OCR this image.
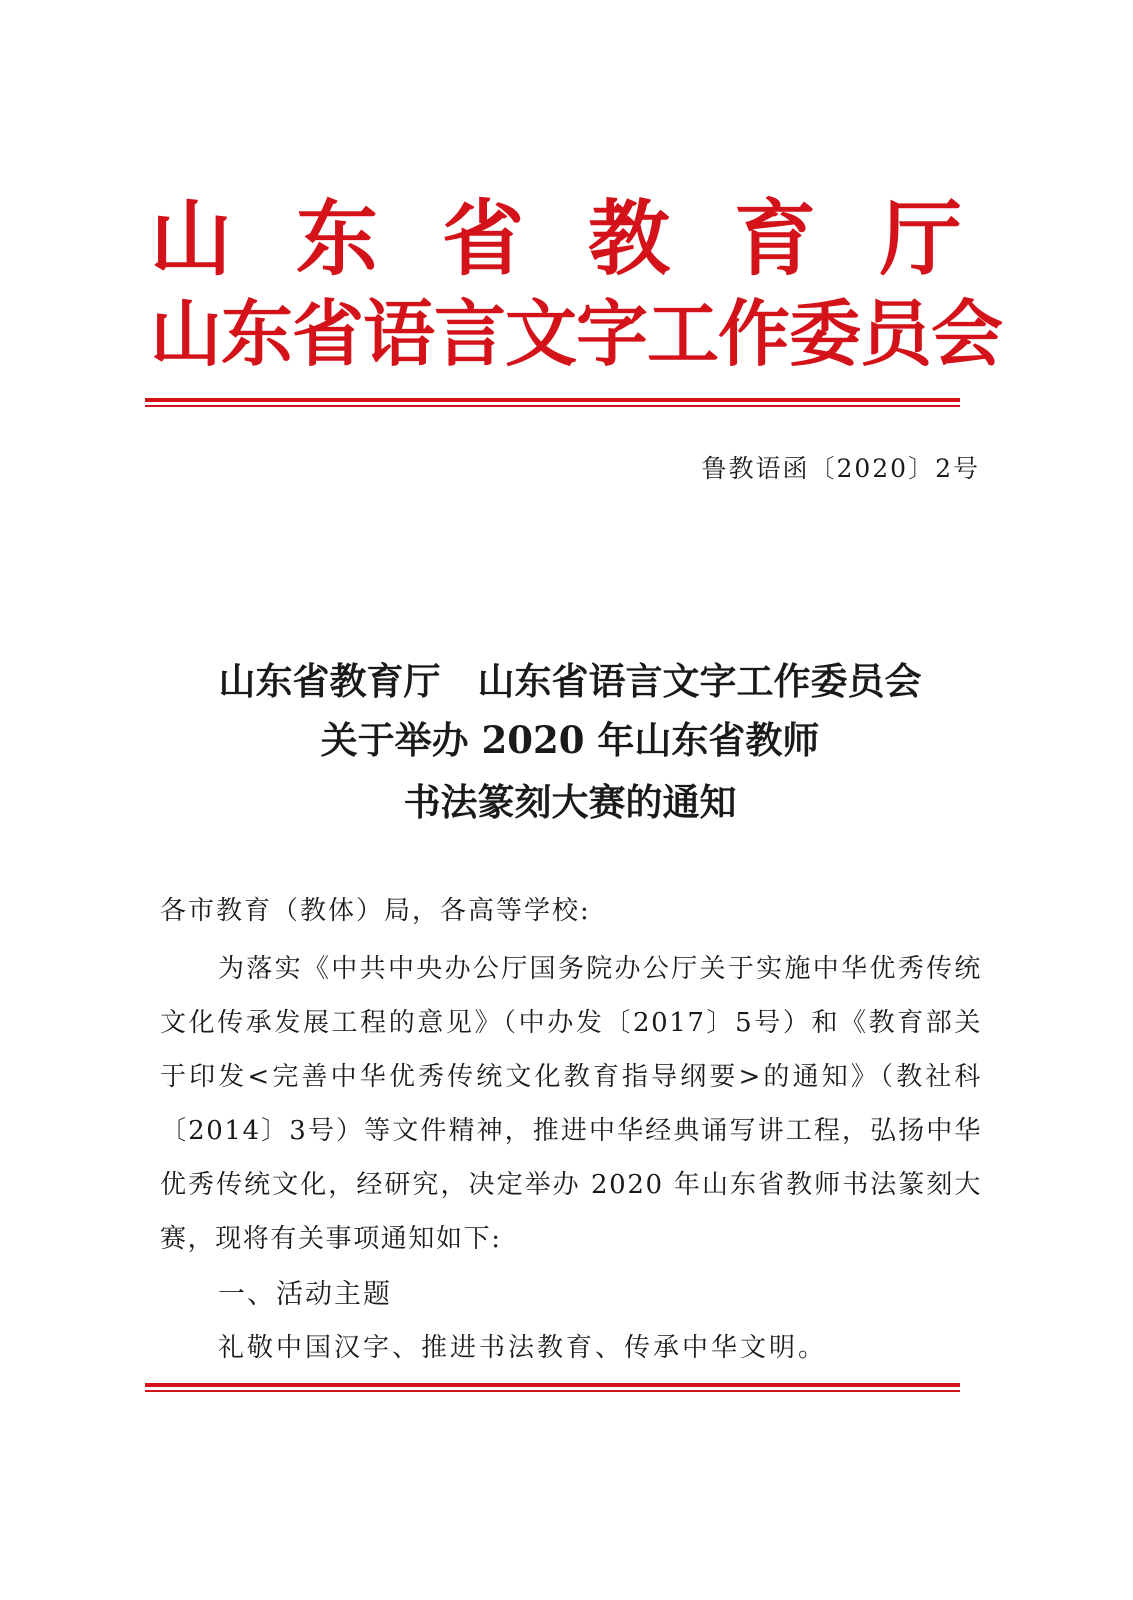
山 东 省 教 育 厅
山东省语言文字工作委员会
鲁教语函〔2020〕2号
山东省教育厅　山东省语言文字工作委员会
关于举办 2020 年山东省教师
书法篆刻大赛的通知
各市教育（教体）局，各高等学校:
为落实《中共中央办公厅国务院办公厅关于实施中华优秀传统文化传承发展工程的意见》（中办发〔2017〕5号）和《教育部关于印发<完善中华优秀传统文化教育指导纲要>的通知》（教社科〔2014〕3号）等文件精神，推进中华经典诵写讲工程，弘扬中华优秀传统文化，经研究，决定举办 2020 年山东省教师书法篆刻大赛，现将有关事项通知如下:
一、活动主题
礼敬中国汉字、推进书法教育、传承中华文明。
